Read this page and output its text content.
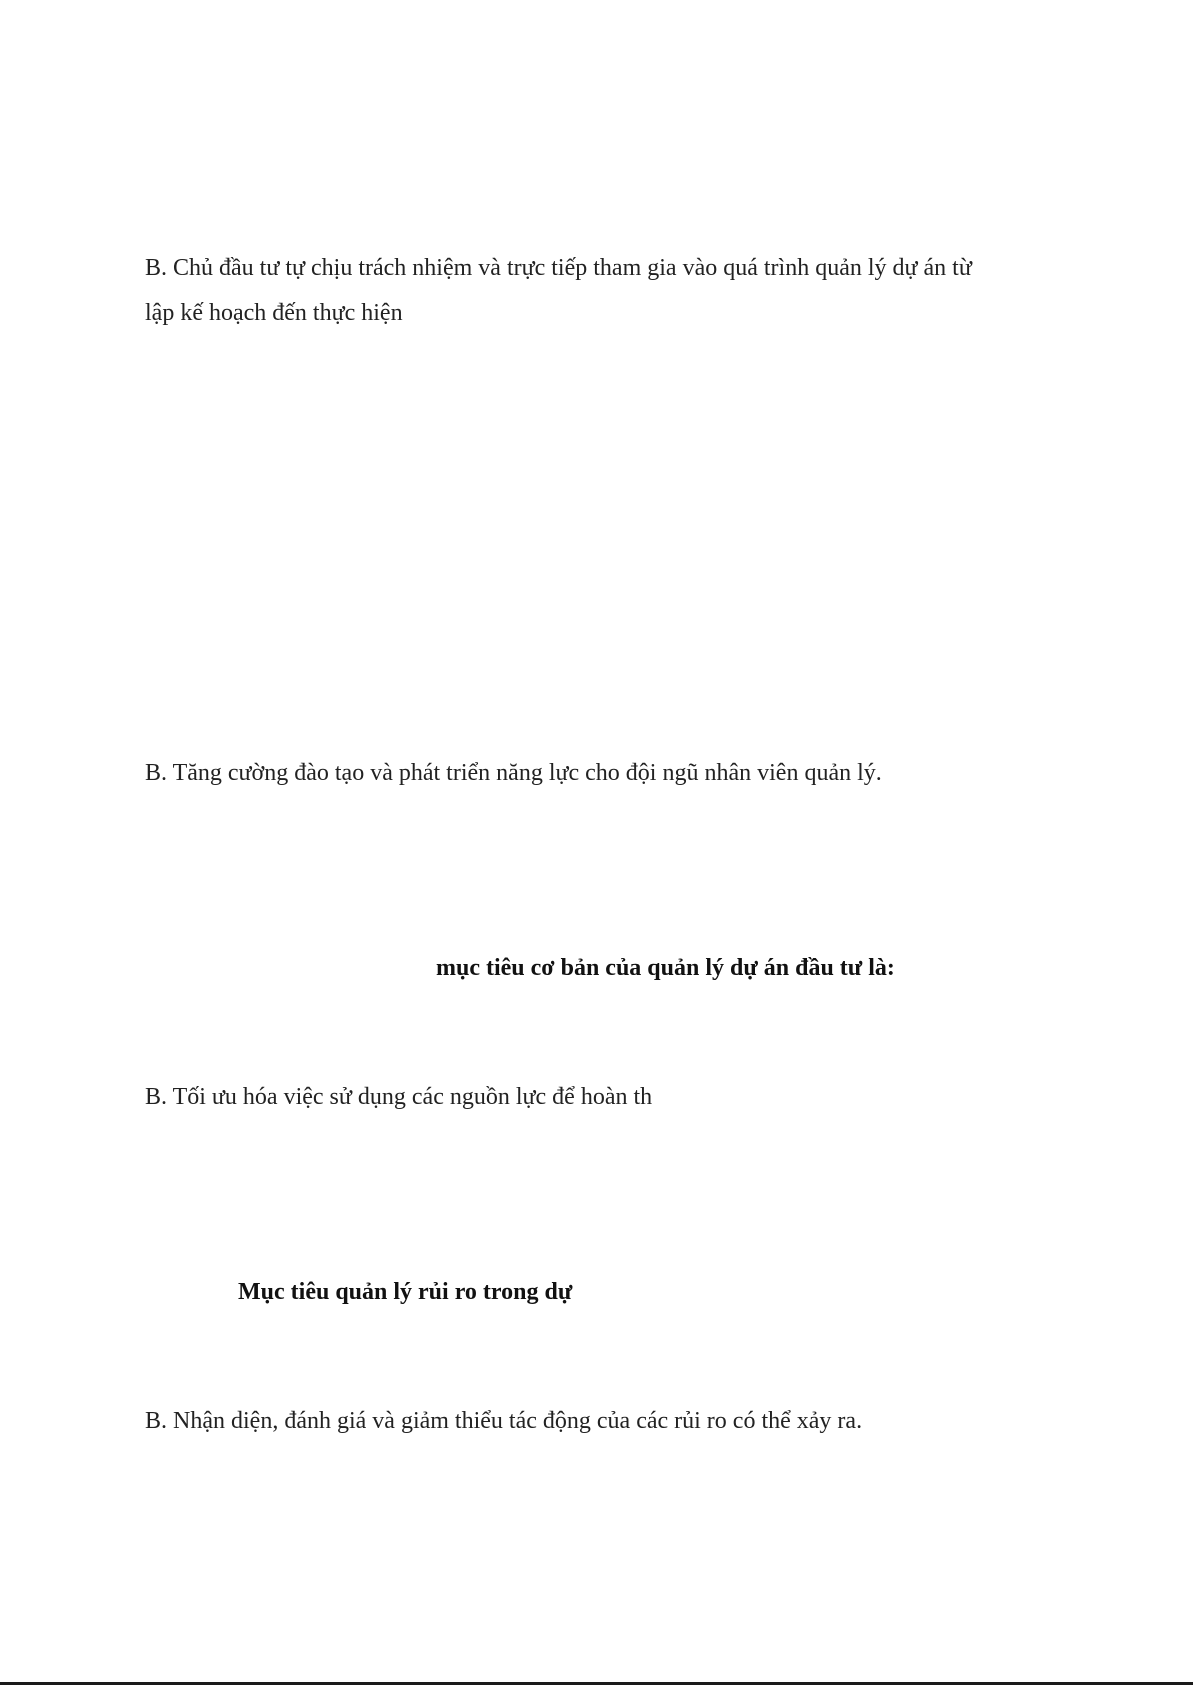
B. Chủ đầu tư tự chịu trách nhiệm và trực tiếp tham gia vào quá trình quản lý dự án từ

lập kế hoạch đến thực hiện

B. Tăng cường đào tạo và phát triển năng lực cho đội ngũ nhân viên quản lý.

mục tiêu cơ bản của quản lý dự án đầu tư là:

B. Tối ưu hóa việc sử dụng các nguồn lực để hoàn th

Mục tiêu quản lý rủi ro trong dự

B. Nhận diện, đánh giá và giảm thiểu tác động của các rủi ro có thể xảy ra.
